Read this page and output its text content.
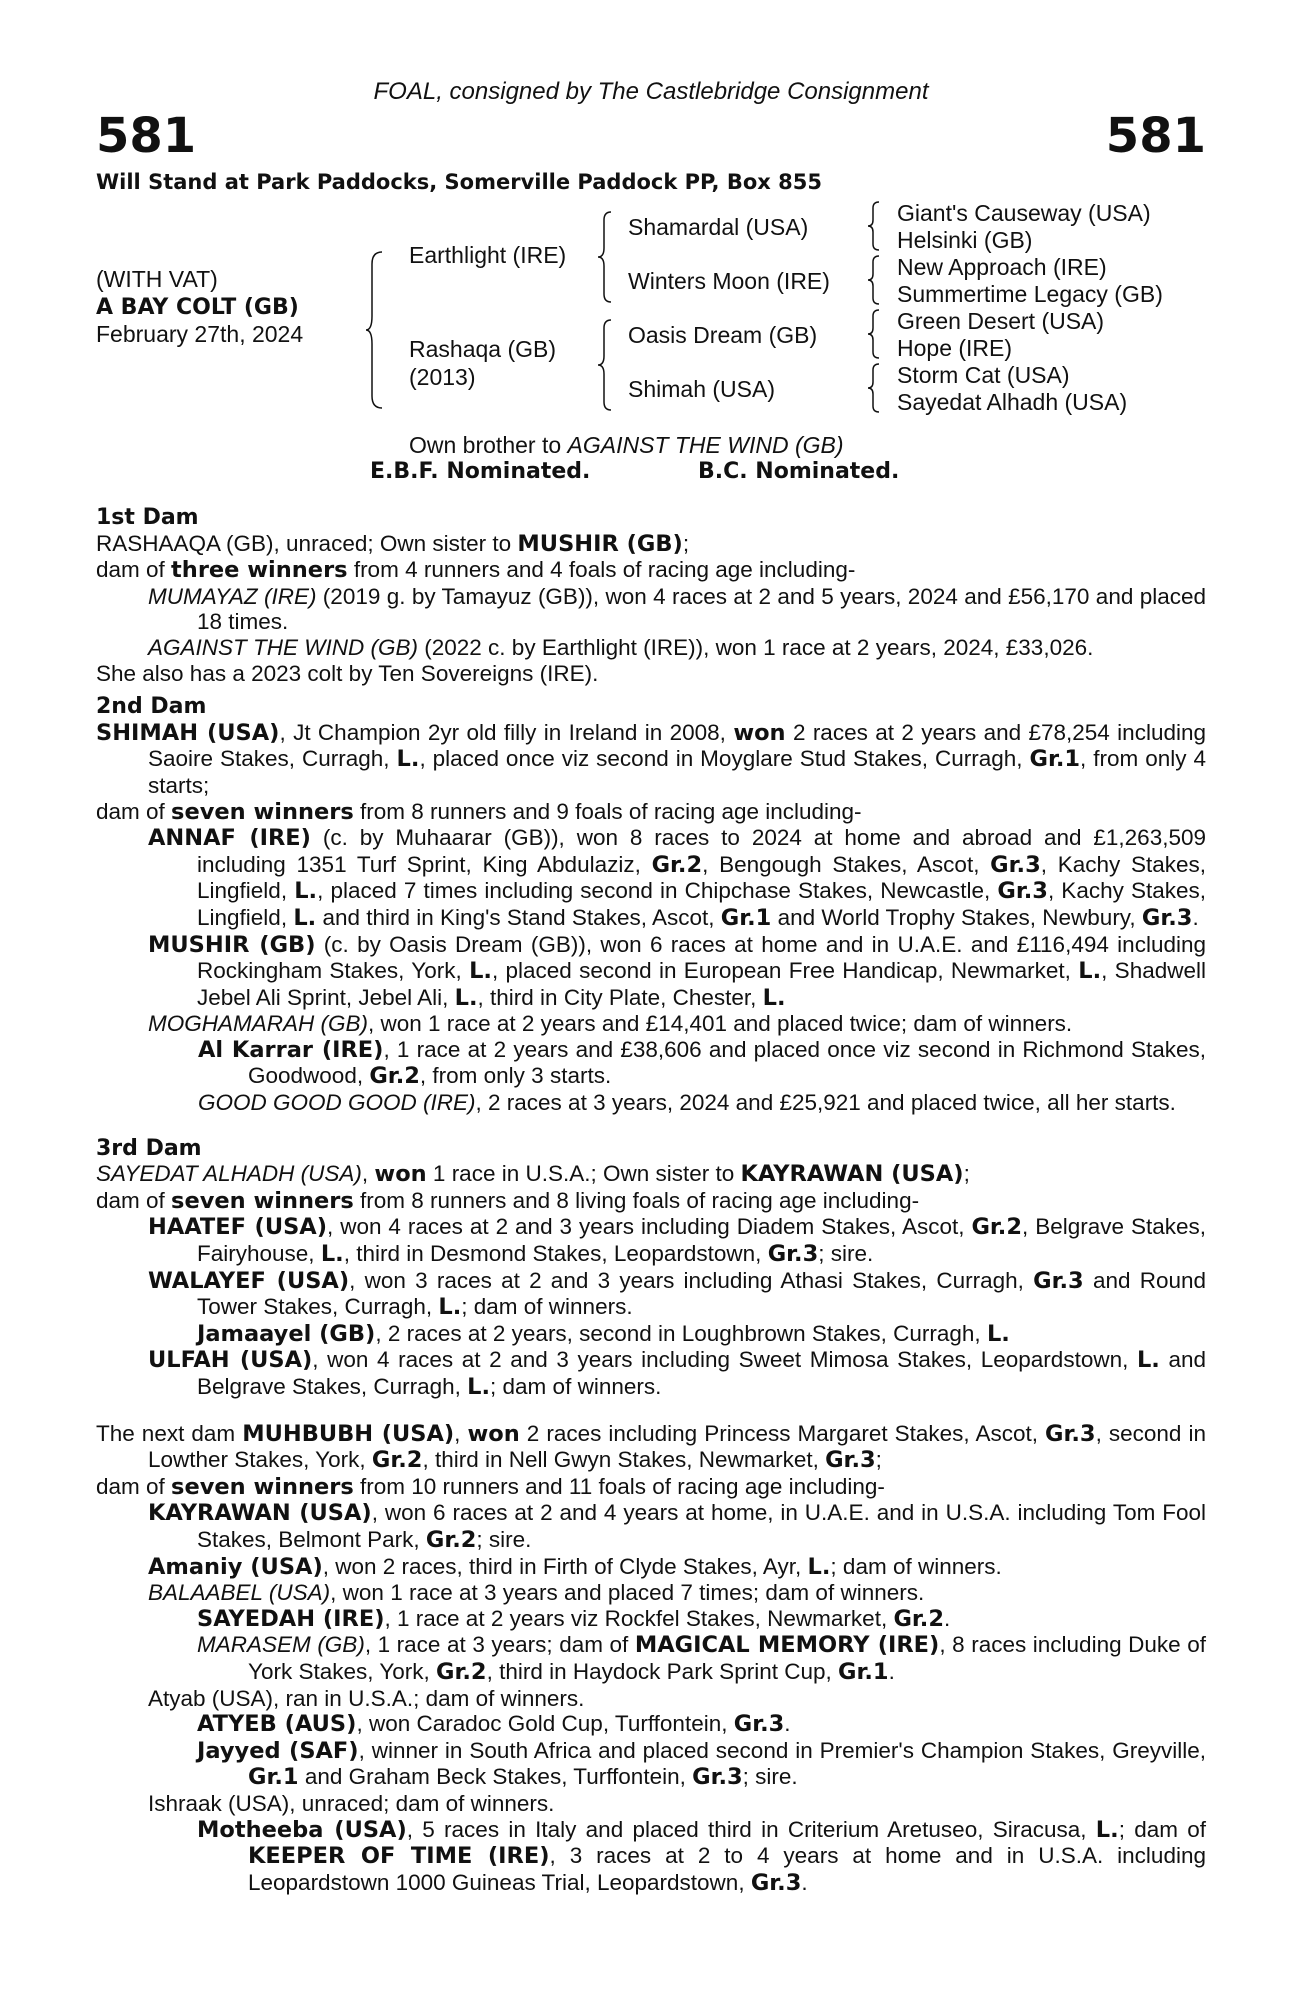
FOAL, consigned by The Castlebridge Consignment
581	581
Will Stand at Park Paddocks, Somerville Paddock PP, Box 855
(WITH VAT)
A BAY COLT (GB)
February 27th, 2024
Earthlight (IRE)
Rashaqa (GB)
(2013)
Shamardal (USA)
Winters Moon (IRE)
Oasis Dream (GB)
Shimah (USA)
Giant's Causeway (USA)
Helsinki (GB)
New Approach (IRE)
Summertime Legacy (GB)
Green Desert (USA)
Hope (IRE)
Storm Cat (USA)
Sayedat Alhadh (USA)
Own brother to AGAINST THE WIND (GB)
E.B.F. Nominated.	B.C. Nominated.
1st Dam
RASHAAQA (GB), unraced; Own sister to MUSHIR (GB);
dam of three winners from 4 runners and 4 foals of racing age including-
MUMAYAZ (IRE) (2019 g. by Tamayuz (GB)), won 4 races at 2 and 5 years, 2024 and £56,170 and placed 18 times.
AGAINST THE WIND (GB) (2022 c. by Earthlight (IRE)), won 1 race at 2 years, 2024, £33,026.
She also has a 2023 colt by Ten Sovereigns (IRE).
2nd Dam
SHIMAH (USA), Jt Champion 2yr old filly in Ireland in 2008, won 2 races at 2 years and £78,254 including Saoire Stakes, Curragh, L., placed once viz second in Moyglare Stud Stakes, Curragh, Gr.1, from only 4 starts;
dam of seven winners from 8 runners and 9 foals of racing age including-
ANNAF (IRE) (c. by Muhaarar (GB)), won 8 races to 2024 at home and abroad and £1,263,509 including 1351 Turf Sprint, King Abdulaziz, Gr.2, Bengough Stakes, Ascot, Gr.3, Kachy Stakes, Lingfield, L., placed 7 times including second in Chipchase Stakes, Newcastle, Gr.3, Kachy Stakes, Lingfield, L. and third in King's Stand Stakes, Ascot, Gr.1 and World Trophy Stakes, Newbury, Gr.3.
MUSHIR (GB) (c. by Oasis Dream (GB)), won 6 races at home and in U.A.E. and £116,494 including Rockingham Stakes, York, L., placed second in European Free Handicap, Newmarket, L., Shadwell Jebel Ali Sprint, Jebel Ali, L., third in City Plate, Chester, L.
MOGHAMARAH (GB), won 1 race at 2 years and £14,401 and placed twice; dam of winners.
Al Karrar (IRE), 1 race at 2 years and £38,606 and placed once viz second in Richmond Stakes, Goodwood, Gr.2, from only 3 starts.
GOOD GOOD GOOD (IRE), 2 races at 3 years, 2024 and £25,921 and placed twice, all her starts.
3rd Dam
SAYEDAT ALHADH (USA), won 1 race in U.S.A.; Own sister to KAYRAWAN (USA);
dam of seven winners from 8 runners and 8 living foals of racing age including-
HAATEF (USA), won 4 races at 2 and 3 years including Diadem Stakes, Ascot, Gr.2, Belgrave Stakes, Fairyhouse, L., third in Desmond Stakes, Leopardstown, Gr.3; sire.
WALAYEF (USA), won 3 races at 2 and 3 years including Athasi Stakes, Curragh, Gr.3 and Round Tower Stakes, Curragh, L.; dam of winners.
Jamaayel (GB), 2 races at 2 years, second in Loughbrown Stakes, Curragh, L.
ULFAH (USA), won 4 races at 2 and 3 years including Sweet Mimosa Stakes, Leopardstown, L. and Belgrave Stakes, Curragh, L.; dam of winners.
The next dam MUHBUBH (USA), won 2 races including Princess Margaret Stakes, Ascot, Gr.3, second in Lowther Stakes, York, Gr.2, third in Nell Gwyn Stakes, Newmarket, Gr.3;
dam of seven winners from 10 runners and 11 foals of racing age including-
KAYRAWAN (USA), won 6 races at 2 and 4 years at home, in U.A.E. and in U.S.A. including Tom Fool Stakes, Belmont Park, Gr.2; sire.
Amaniy (USA), won 2 races, third in Firth of Clyde Stakes, Ayr, L.; dam of winners.
BALAABEL (USA), won 1 race at 3 years and placed 7 times; dam of winners.
SAYEDAH (IRE), 1 race at 2 years viz Rockfel Stakes, Newmarket, Gr.2.
MARASEM (GB), 1 race at 3 years; dam of MAGICAL MEMORY (IRE), 8 races including Duke of York Stakes, York, Gr.2, third in Haydock Park Sprint Cup, Gr.1.
Atyab (USA), ran in U.S.A.; dam of winners.
ATYEB (AUS), won Caradoc Gold Cup, Turffontein, Gr.3.
Jayyed (SAF), winner in South Africa and placed second in Premier's Champion Stakes, Greyville, Gr.1 and Graham Beck Stakes, Turffontein, Gr.3; sire.
Ishraak (USA), unraced; dam of winners.
Motheeba (USA), 5 races in Italy and placed third in Criterium Aretuseo, Siracusa, L.; dam of KEEPER OF TIME (IRE), 3 races at 2 to 4 years at home and in U.S.A. including Leopardstown 1000 Guineas Trial, Leopardstown, Gr.3.
